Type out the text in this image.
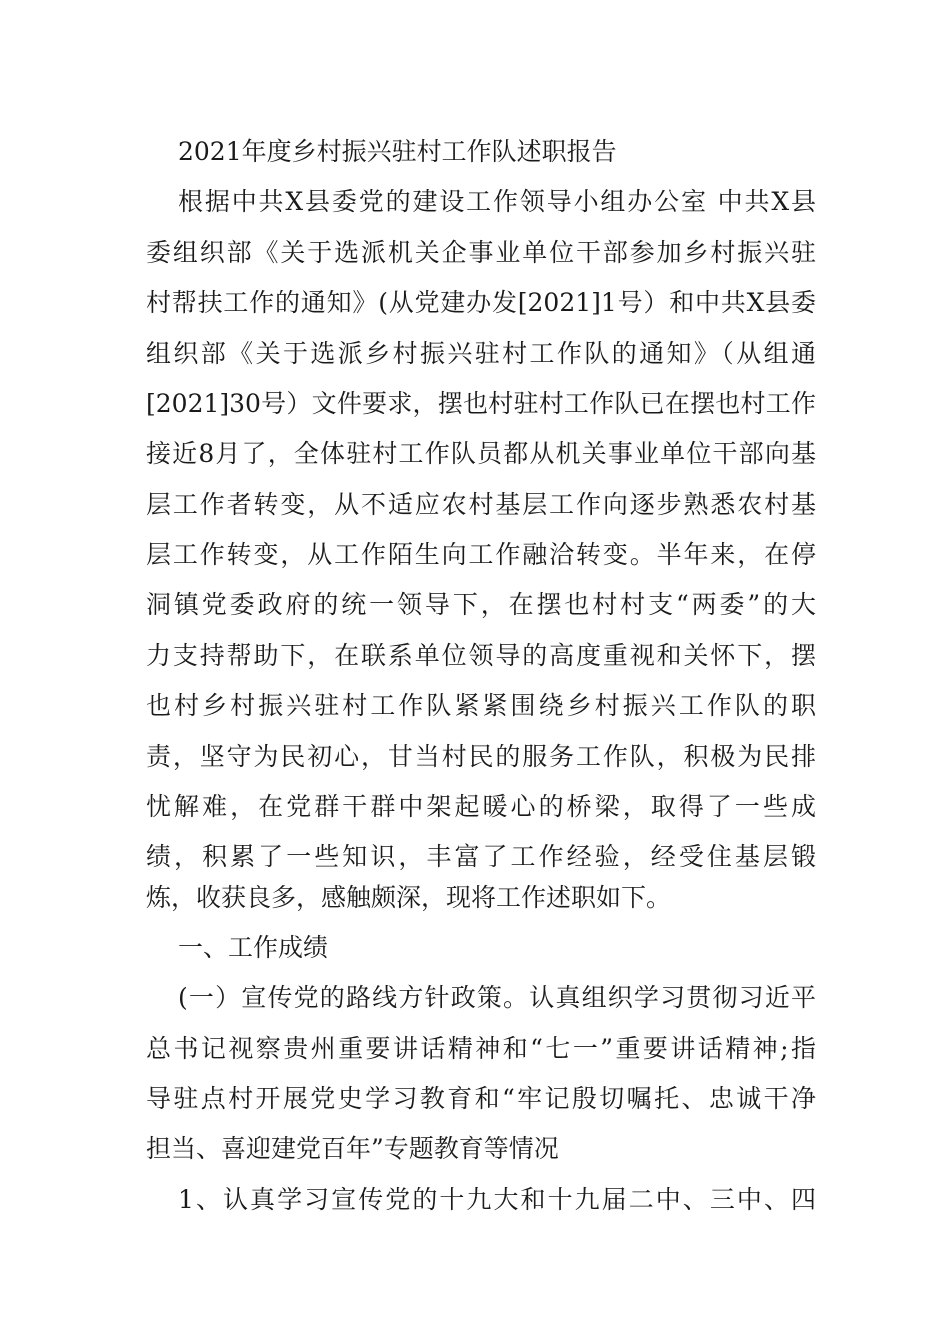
2021年度乡村振兴驻村工作队述职报告
根据中共X县委党的建设工作领导小组办公室 中共X县
委组织部《关于选派机关企事业单位干部参加乡村振兴驻
村帮扶工作的通知》(从党建办发[2021]1号）和中共X县委
组织部《关于选派乡村振兴驻村工作队的通知》（从组通
[2021]30号）文件要求，摆也村驻村工作队已在摆也村工作
接近8月了，全体驻村工作队员都从机关事业单位干部向基
层工作者转变，从不适应农村基层工作向逐步熟悉农村基
层工作转变，从工作陌生向工作融洽转变。半年来，在停
洞镇党委政府的统一领导下，在摆也村村支“两委”的大
力支持帮助下，在联系单位领导的高度重视和关怀下，摆
也村乡村振兴驻村工作队紧紧围绕乡村振兴工作队的职
责，坚守为民初心，甘当村民的服务工作队，积极为民排
忧解难，在党群干群中架起暖心的桥梁，取得了一些成
绩，积累了一些知识，丰富了工作经验，经受住基层锻
炼，收获良多，感触颇深，现将工作述职如下。
一、工作成绩
(一）宣传党的路线方针政策。认真组织学习贯彻习近平
总书记视察贵州重要讲话精神和“七一”重要讲话精神;指
导驻点村开展党史学习教育和“牢记殷切嘱托、忠诚干净
担当、喜迎建党百年”专题教育等情况
1、认真学习宣传党的十九大和十九届二中、三中、四
